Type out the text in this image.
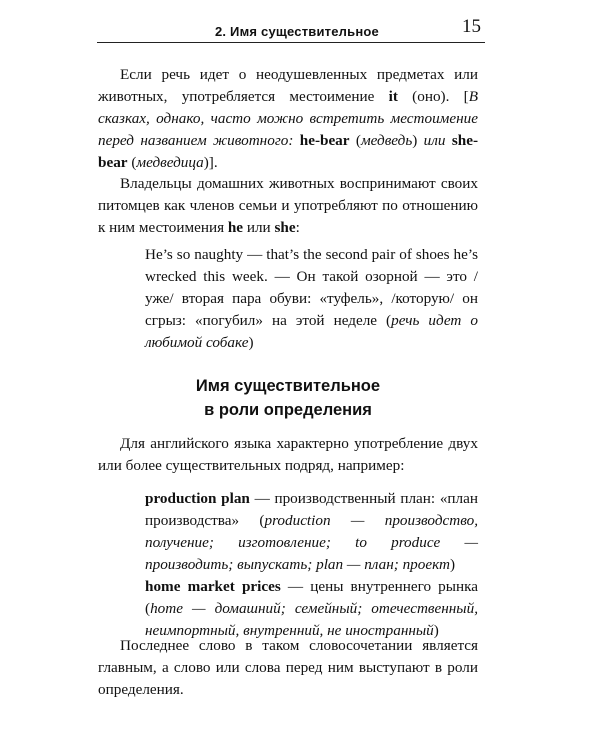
2. Имя существительное	15

Если речь идет о неодушевленных предметах или животных, употребляется местоимение it (оно). [В сказках, однако, часто можно встретить местоимение перед названием животного: he-bear (медведь) или she-bear (медведица)].

Владельцы домашних животных воспринимают своих питомцев как членов семьи и употребляют по отношению к ним местоимения he или she:

He’s so naughty — that’s the second pair of shoes he’s wrecked this week. — Он такой озорной — это /уже/ вторая пара обуви: «туфель», /которую/ он сгрыз: «погубил» на этой неделе (речь идет о любимой собаке)

Имя существительное
в роли определения

Для английского языка характерно употребление двух или более существительных подряд, например:

production plan — производственный план: «план производства» (production — производство, получение; изготовление; to produce — производить; выпускать; plan — план; проект)

home market prices — цены внутреннего рынка (home — домашний; семейный; отечественный, неимпортный, внутренний, не иностранный)

Последнее слово в таком словосочетании является главным, а слово или слова перед ним выступают в роли определения.
